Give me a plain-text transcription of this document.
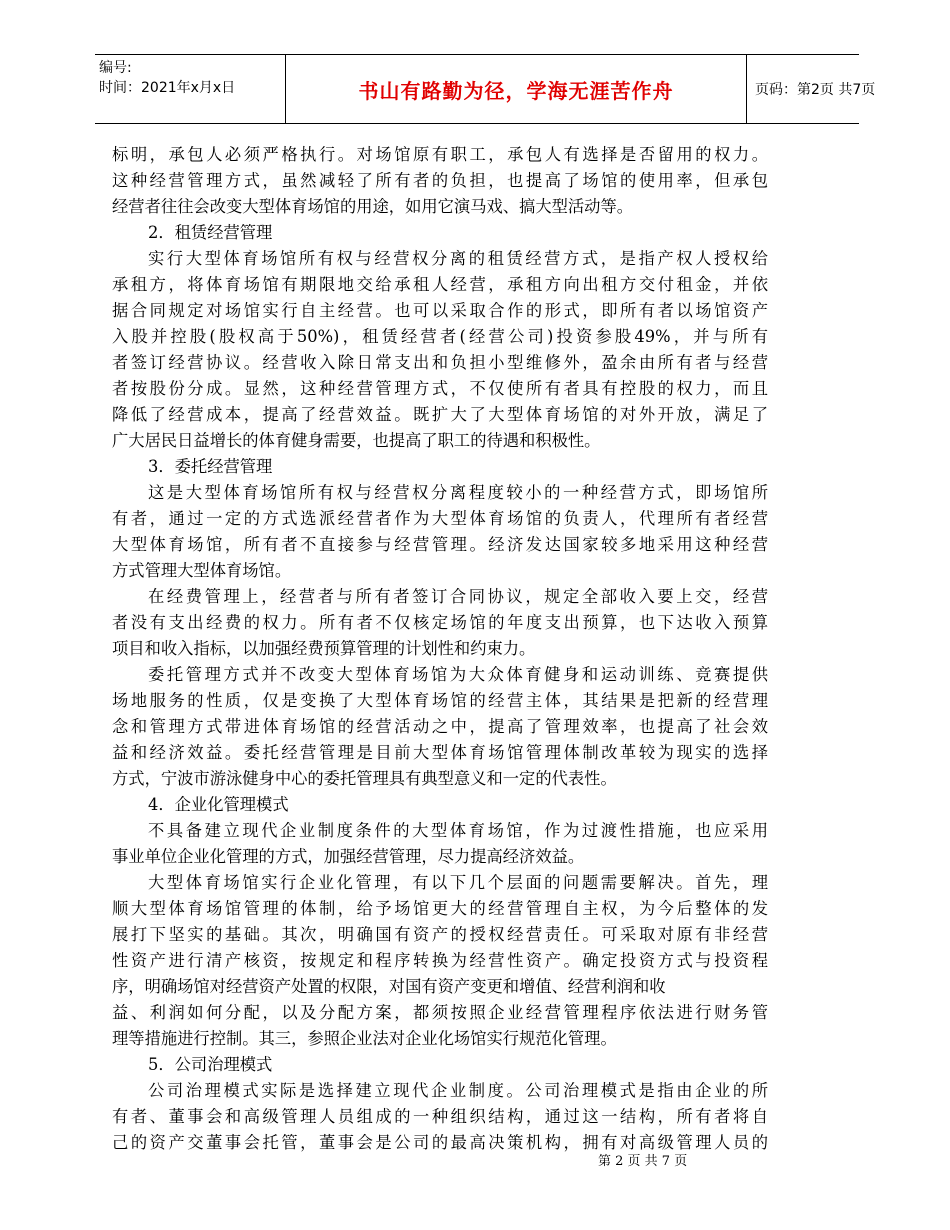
编号:
时间：2021年x月x日	书山有路勤为径，学海无涯苦作舟	页码：第2页 共7页
标明，承包人必须严格执行。对场馆原有职工，承包人有选择是否留用的权力。
这种经营管理方式，虽然减轻了所有者的负担，也提高了场馆的使用率，但承包
经营者往往会改变大型体育场馆的用途，如用它演马戏、搞大型活动等。
2．租赁经营管理
实行大型体育场馆所有权与经营权分离的租赁经营方式，是指产权人授权给
承租方，将体育场馆有期限地交给承租人经营，承租方向出租方交付租金，并依
据合同规定对场馆实行自主经营。也可以采取合作的形式，即所有者以场馆资产
入股并控股(股权高于50%)，租赁经营者(经营公司)投资参股49%，并与所有
者签订经营协议。经营收入除日常支出和负担小型维修外，盈余由所有者与经营
者按股份分成。显然，这种经营管理方式，不仅使所有者具有控股的权力，而且
降低了经营成本，提高了经营效益。既扩大了大型体育场馆的对外开放，满足了
广大居民日益增长的体育健身需要，也提高了职工的待遇和积极性。
3．委托经营管理
这是大型体育场馆所有权与经营权分离程度较小的一种经营方式，即场馆所
有者，通过一定的方式选派经营者作为大型体育场馆的负责人，代理所有者经营
大型体育场馆，所有者不直接参与经营管理。经济发达国家较多地采用这种经营
方式管理大型体育场馆。
在经费管理上，经营者与所有者签订合同协议，规定全部收入要上交，经营
者没有支出经费的权力。所有者不仅核定场馆的年度支出预算，也下达收入预算
项目和收入指标，以加强经费预算管理的计划性和约束力。
委托管理方式并不改变大型体育场馆为大众体育健身和运动训练、竞赛提供
场地服务的性质，仅是变换了大型体育场馆的经营主体，其结果是把新的经营理
念和管理方式带进体育场馆的经营活动之中，提高了管理效率，也提高了社会效
益和经济效益。委托经营管理是目前大型体育场馆管理体制改革较为现实的选择
方式，宁波市游泳健身中心的委托管理具有典型意义和一定的代表性。
4．企业化管理模式
不具备建立现代企业制度条件的大型体育场馆，作为过渡性措施，也应采用
事业单位企业化管理的方式，加强经营管理，尽力提高经济效益。
大型体育场馆实行企业化管理，有以下几个层面的问题需要解决。首先，理
顺大型体育场馆管理的体制，给予场馆更大的经营管理自主权，为今后整体的发
展打下坚实的基础。其次，明确国有资产的授权经营责任。可采取对原有非经营
性资产进行清产核资，按规定和程序转换为经营性资产。确定投资方式与投资程
序，明确场馆对经营资产处置的权限，对国有资产变更和增值、经营利润和收
益、利润如何分配，以及分配方案，都须按照企业经营管理程序依法进行财务管
理等措施进行控制。其三，参照企业法对企业化场馆实行规范化管理。
5．公司治理模式
公司治理模式实际是选择建立现代企业制度。公司治理模式是指由企业的所
有者、董事会和高级管理人员组成的一种组织结构，通过这一结构，所有者将自
己的资产交董事会托管，董事会是公司的最高决策机构，拥有对高级管理人员的
第 2 页 共 7 页
